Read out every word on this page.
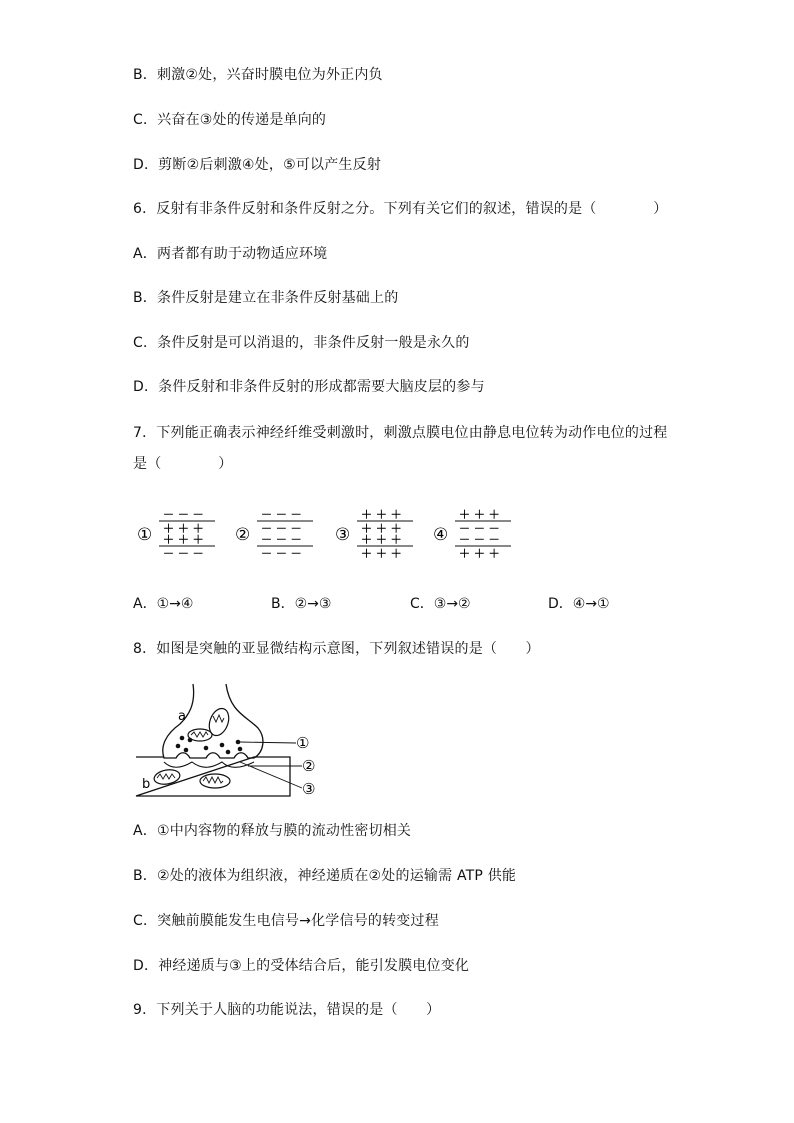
B．刺激②处，兴奋时膜电位为外正内负
C．兴奋在③处的传递是单向的
D．剪断②后刺激④处，⑤可以产生反射
6．反射有非条件反射和条件反射之分。下列有关它们的叙述，错误的是（　　　　）
A．两者都有助于动物适应环境
B．条件反射是建立在非条件反射基础上的
C．条件反射是可以消退的，非条件反射一般是永久的
D．条件反射和非条件反射的形成都需要大脑皮层的参与
7．下列能正确表示神经纤维受刺激时，刺激点膜电位由静息电位转为动作电位的过程
是（　　　　）
①
－ － －
＋ ＋ ＋
＋ ＋ ＋
－ － －
②
－ － －
－ － －
－ － －
－ － －
③
＋ ＋ ＋
＋ ＋ ＋
＋ ＋ ＋
＋ ＋ ＋
④
＋ ＋ ＋
－ － －
－ － －
＋ ＋ ＋
A．①→④	B．②→③	C．③→②	D．④→①
8．如图是突触的亚显微结构示意图，下列叙述错误的是（　　）
a
b
①
②
③
A．①中内容物的释放与膜的流动性密切相关
B．②处的液体为组织液，神经递质在②处的运输需 ATP 供能
C．突触前膜能发生电信号→化学信号的转变过程
D．神经递质与③上的受体结合后，能引发膜电位变化
9．下列关于人脑的功能说法，错误的是（　　）
